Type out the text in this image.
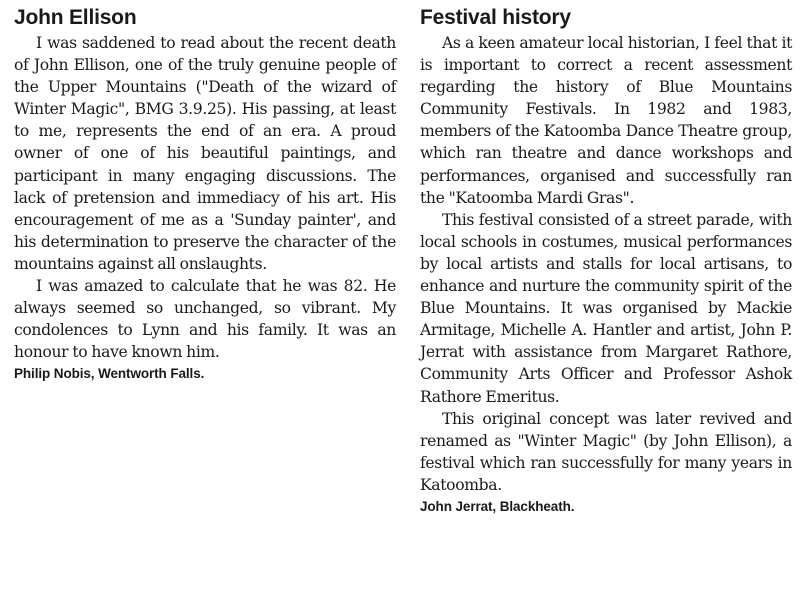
John Ellison

I was saddened to read about the recent death of John Ellison, one of the truly genuine people of the Upper Mountains ("Death of the wizard of Winter Magic", BMG 3.9.25). His passing, at least to me, represents the end of an era. A proud owner of one of his beautiful paintings, and participant in many engaging discussions. The lack of pretension and immediacy of his art. His encouragement of me as a 'Sunday painter', and his determination to preserve the character of the mountains against all onslaughts.

I was amazed to calculate that he was 82. He always seemed so unchanged, so vibrant. My condolences to Lynn and his family. It was an honour to have known him.

Philip Nobis, Wentworth Falls.

Festival history

As a keen amateur local historian, I feel that it is important to correct a recent assessment regarding the history of Blue Mountains Community Festivals. In 1982 and 1983, members of the Katoomba Dance Theatre group, which ran theatre and dance workshops and performances, organised and successfully ran the "Katoomba Mardi Gras".

This festival consisted of a street parade, with local schools in costumes, musical performances by local artists and stalls for local artisans, to enhance and nurture the community spirit of the Blue Mountains. It was organised by Mackie Armitage, Michelle A. Hantler and artist, John P. Jerrat with assistance from Margaret Rathore, Community Arts Officer and Professor Ashok Rathore Emeritus.

This original concept was later revived and renamed as "Winter Magic" (by John Ellison), a festival which ran successfully for many years in Katoomba.

John Jerrat, Blackheath.
